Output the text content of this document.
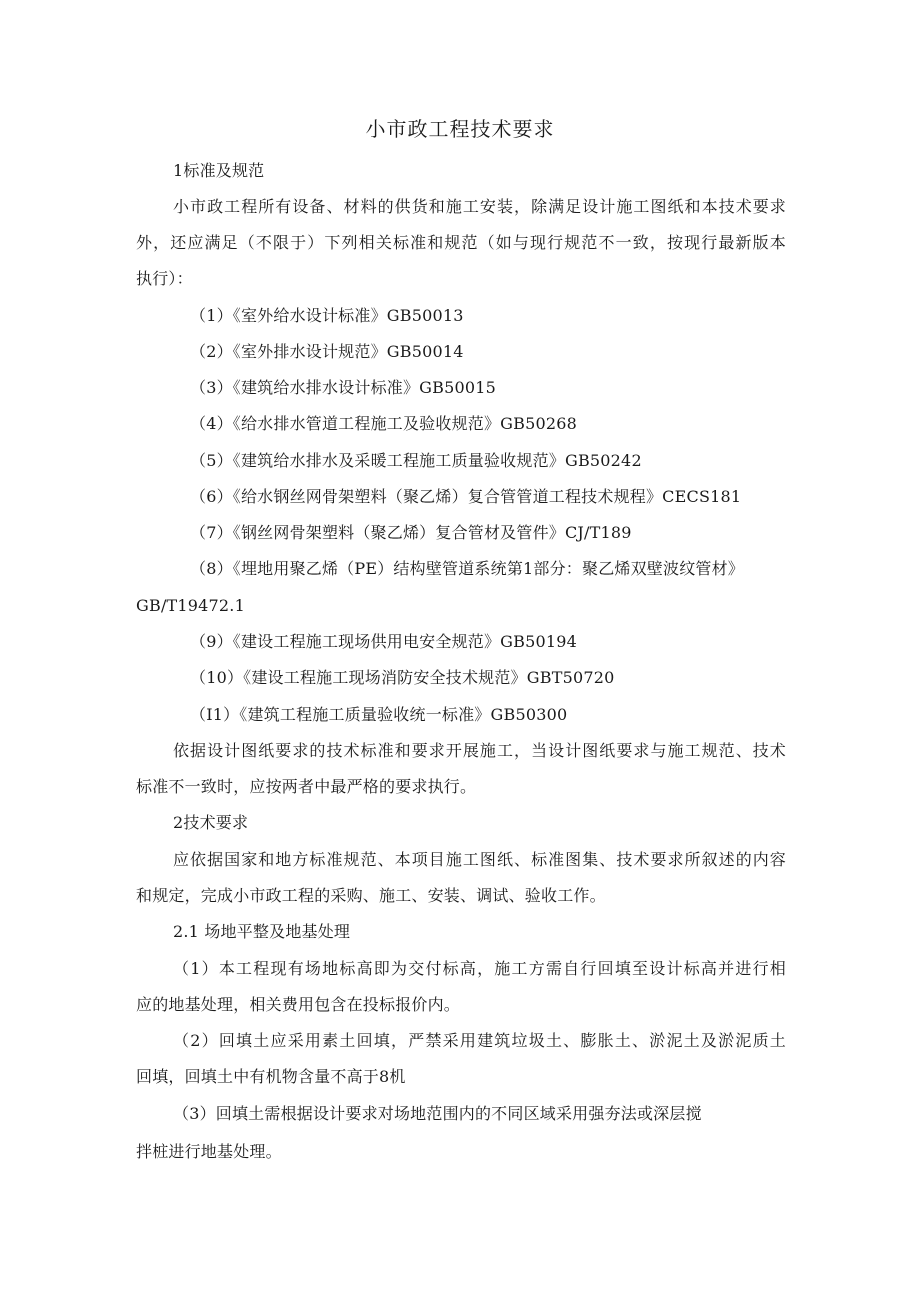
小市政工程技术要求
1标准及规范
小市政工程所有设备、材料的供货和施工安装，除满足设计施工图纸和本技术要求
外，还应满足（不限于）下列相关标准和规范（如与现行规范不一致，按现行最新版本
执行）：
（1）《室外给水设计标准》GB50013
（2）《室外排水设计规范》GB50014
（3）《建筑给水排水设计标准》GB50015
（4）《给水排水管道工程施工及验收规范》GB50268
（5）《建筑给水排水及采暖工程施工质量验收规范》GB50242
（6）《给水钢丝网骨架塑料（聚乙烯）复合管管道工程技术规程》CECS181
（7）《钢丝网骨架塑料（聚乙烯）复合管材及管件》CJ/T189
（8）《埋地用聚乙烯（PE）结构壁管道系统第1部分：聚乙烯双壁波纹管材》
GB/T19472.1
（9）《建设工程施工现场供用电安全规范》GB50194
（10）《建设工程施工现场消防安全技术规范》GBT50720
（I1）《建筑工程施工质量验收统一标准》GB50300
依据设计图纸要求的技术标准和要求开展施工，当设计图纸要求与施工规范、技术
标准不一致时，应按两者中最严格的要求执行。
2技术要求
应依据国家和地方标准规范、本项目施工图纸、标准图集、技术要求所叙述的内容
和规定，完成小市政工程的采购、施工、安装、调试、验收工作。
2.1 场地平整及地基处理
（1）本工程现有场地标高即为交付标高，施工方需自行回填至设计标高并进行相
应的地基处理，相关费用包含在投标报价内。
（2）回填土应采用素土回填，严禁采用建筑垃圾土、膨胀土、淤泥土及淤泥质土
回填，回填土中有机物含量不高于8机
（3）回填土需根据设计要求对场地范围内的不同区域采用强夯法或深层搅
拌桩进行地基处理。
